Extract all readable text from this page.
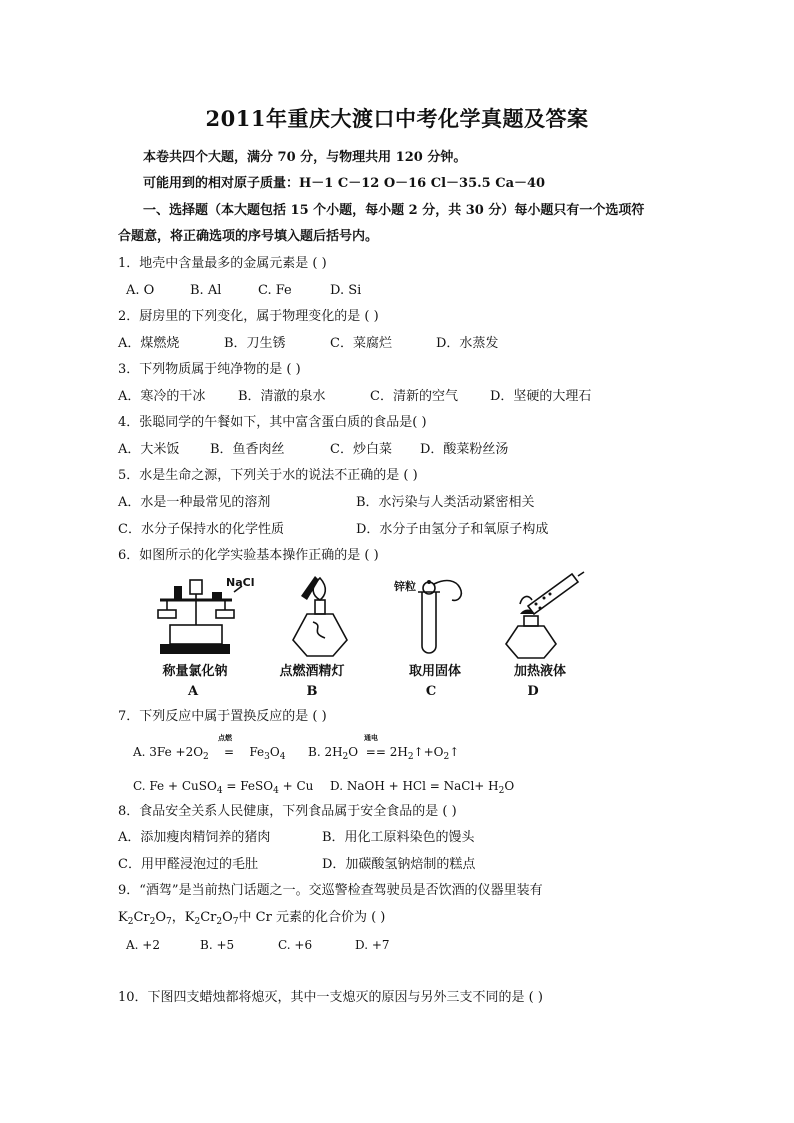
2011年重庆大渡口中考化学真题及答案
本卷共四个大题，满分 70 分，与物理共用 120 分钟。
可能用到的相对原子质量：H－1 C－12 O－16 Cl－35.5 Ca－40
一、选择题（本大题包括 15 个小题，每小题 2 分，共 30 分）每小题只有一个选项符
合题意，将正确选项的序号填入题后括号内。
1．地壳中含量最多的金属元素是 ( )
A. O	B. Al	C. Fe	D. Si
2．厨房里的下列变化，属于物理变化的是 ( )
A．煤燃烧	B．刀生锈	C．菜腐烂	D．水蒸发
3．下列物质属于纯净物的是 ( )
A．寒冷的干冰	B．清澈的泉水	C．清新的空气 D．坚硬的大理石
4．张聪同学的午餐如下，其中富含蛋白质的食品是( )
A．大米饭 B．鱼香肉丝	C．炒白菜 D．酸菜粉丝汤
5．水是生命之源，下列关于水的说法不正确的是 ( )
A．水是一种最常见的溶剂	B．水污染与人类活动紧密相关
C．水分子保持水的化学性质	D．水分子由氢分子和氧原子构成
6．如图所示的化学实验基本操作正确的是 ( )
NaCl	锌粒
称量氯化钠	点燃酒精灯	取用固体	加热液体
A	B	C	D
7．下列反应中属于置换反应的是 ( )
点燃	通电
A. $3Fe +2O_2 = Fe_3O_4$ B. $2H_2O$ == $2H_2↑+O_2↑$
C. Fe + CuSO$_4$ = FeSO$_4$ + Cu D. NaOH + HCl = NaCl+ $H_2O$
8．食品安全关系人民健康，下列食品属于安全食品的是 ( )
A．添加瘦肉精饲养的猪肉	B．用化工原料染色的馒头
C．用甲醛浸泡过的毛肚	D．加碳酸氢钠焙制的糕点
9．“酒驾”是当前热门话题之一。交巡警检查驾驶员是否饮酒的仪器里装有
$K_2Cr_2O_7$，$K_2Cr_2O_7$中 Cr 元素的化合价为 ( )
A. +2	B. +5	C. +6	D. +7
10．下图四支蜡烛都将熄灭，其中一支熄灭的原因与另外三支不同的是 ( )
